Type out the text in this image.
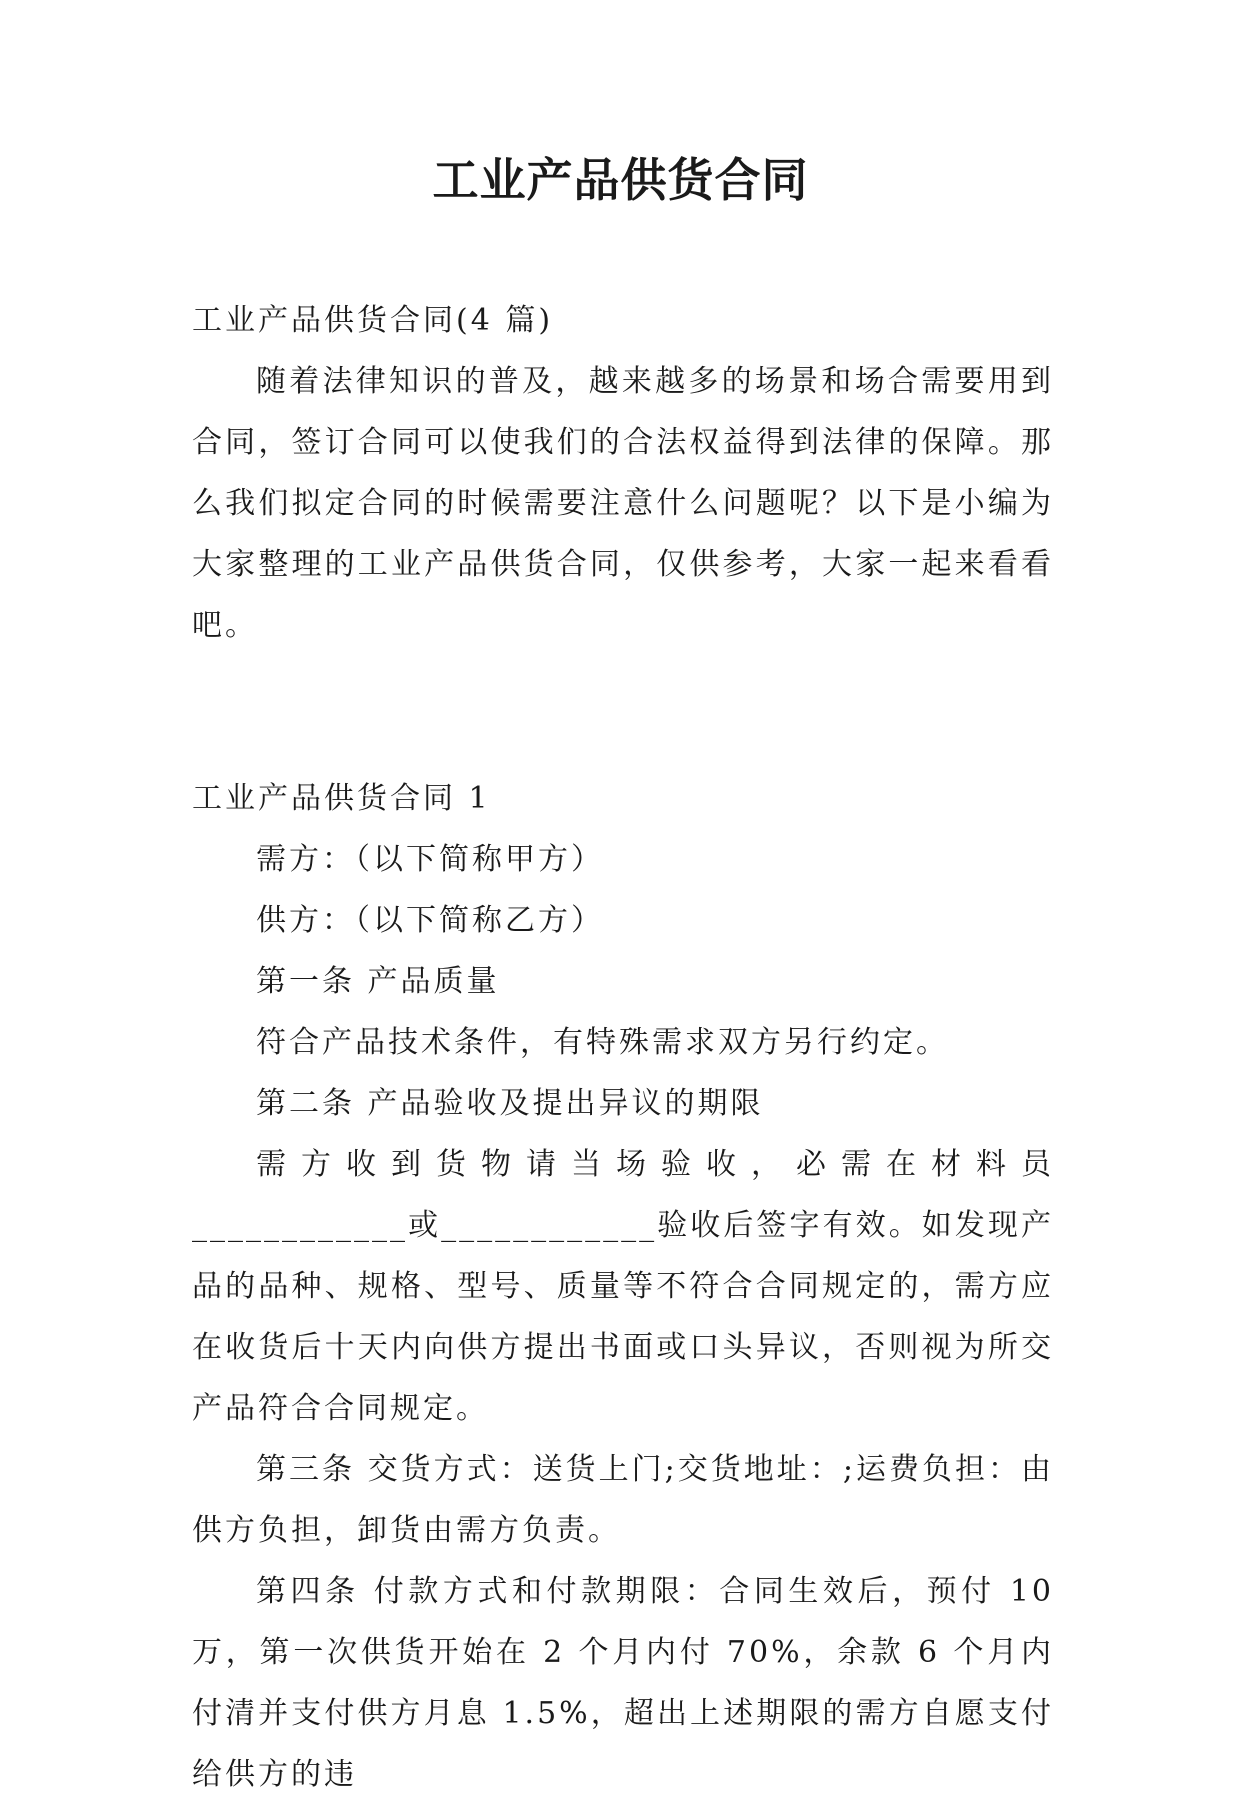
工业产品供货合同

工业产品供货合同(4 篇)

随着法律知识的普及，越来越多的场景和场合需要用到合同，签订合同可以使我们的合法权益得到法律的保障。那么我们拟定合同的时候需要注意什么问题呢？以下是小编为大家整理的工业产品供货合同，仅供参考，大家一起来看看吧。

工业产品供货合同 1

需方：（以下简称甲方）

供方：（以下简称乙方）

第一条 产品质量

符合产品技术条件，有特殊需求双方另行约定。

第二条 产品验收及提出异议的期限

需方收到货物请当场验收，必需在材料员____________或____________验收后签字有效。如发现产品的品种、规格、型号、质量等不符合合同规定的，需方应在收货后十天内向供方提出书面或口头异议，否则视为所交产品符合合同规定。

第三条 交货方式：送货上门;交货地址：;运费负担：由供方负担，卸货由需方负责。

第四条 付款方式和付款期限：合同生效后，预付 10 万，第一次供货开始在 2 个月内付 70%，余款 6 个月内付清并支付供方月息 1.5%，超出上述期限的需方自愿支付给供方的违
